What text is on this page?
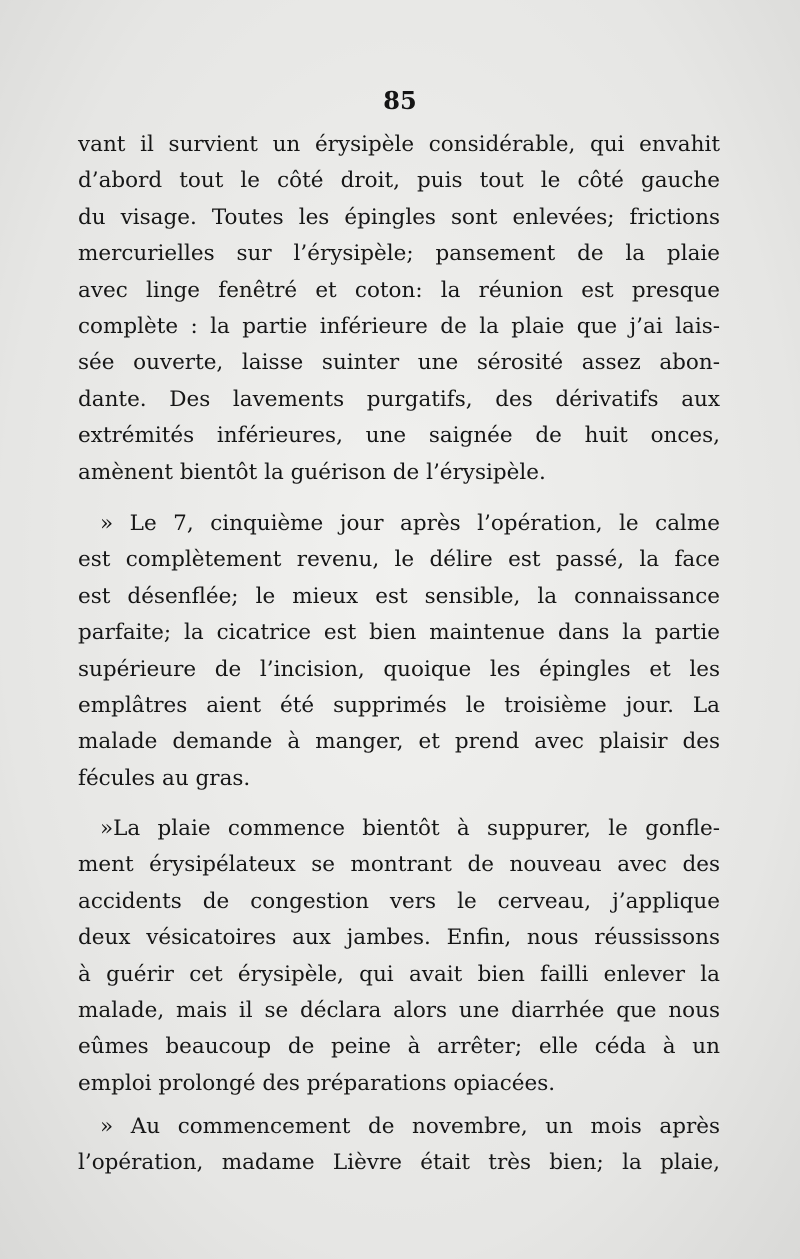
85
vant il survient un érysipèle considérable, qui envahit
d’abord tout le côté droit, puis tout le côté gauche
du visage. Toutes les épingles sont enlevées; frictions
mercurielles sur l’érysipèle; pansement de la plaie
avec linge fenêtré et coton: la réunion est presque
complète : la partie inférieure de la plaie que j’ai lais-
sée ouverte, laisse suinter une sérosité assez abon-
dante. Des lavements purgatifs, des dérivatifs aux
extrémités inférieures, une saignée de huit onces,
amènent bientôt la guérison de l’érysipèle.
» Le 7, cinquième jour après l’opération, le calme
est complètement revenu, le délire est passé, la face
est désenflée; le mieux est sensible, la connaissance
parfaite; la cicatrice est bien maintenue dans la partie
supérieure de l’incision, quoique les épingles et les
emplâtres aient été supprimés le troisième jour. La
malade demande à manger, et prend avec plaisir des
fécules au gras.
»La plaie commence bientôt à suppurer, le gonfle-
ment érysipélateux se montrant de nouveau avec des
accidents de congestion vers le cerveau, j’applique
deux vésicatoires aux jambes. Enfin, nous réussissons
à guérir cet érysipèle, qui avait bien failli enlever la
malade, mais il se déclara alors une diarrhée que nous
eûmes beaucoup de peine à arrêter; elle céda à un
emploi prolongé des préparations opiacées.
» Au commencement de novembre, un mois après
l’opération, madame Lièvre était très bien; la plaie,
